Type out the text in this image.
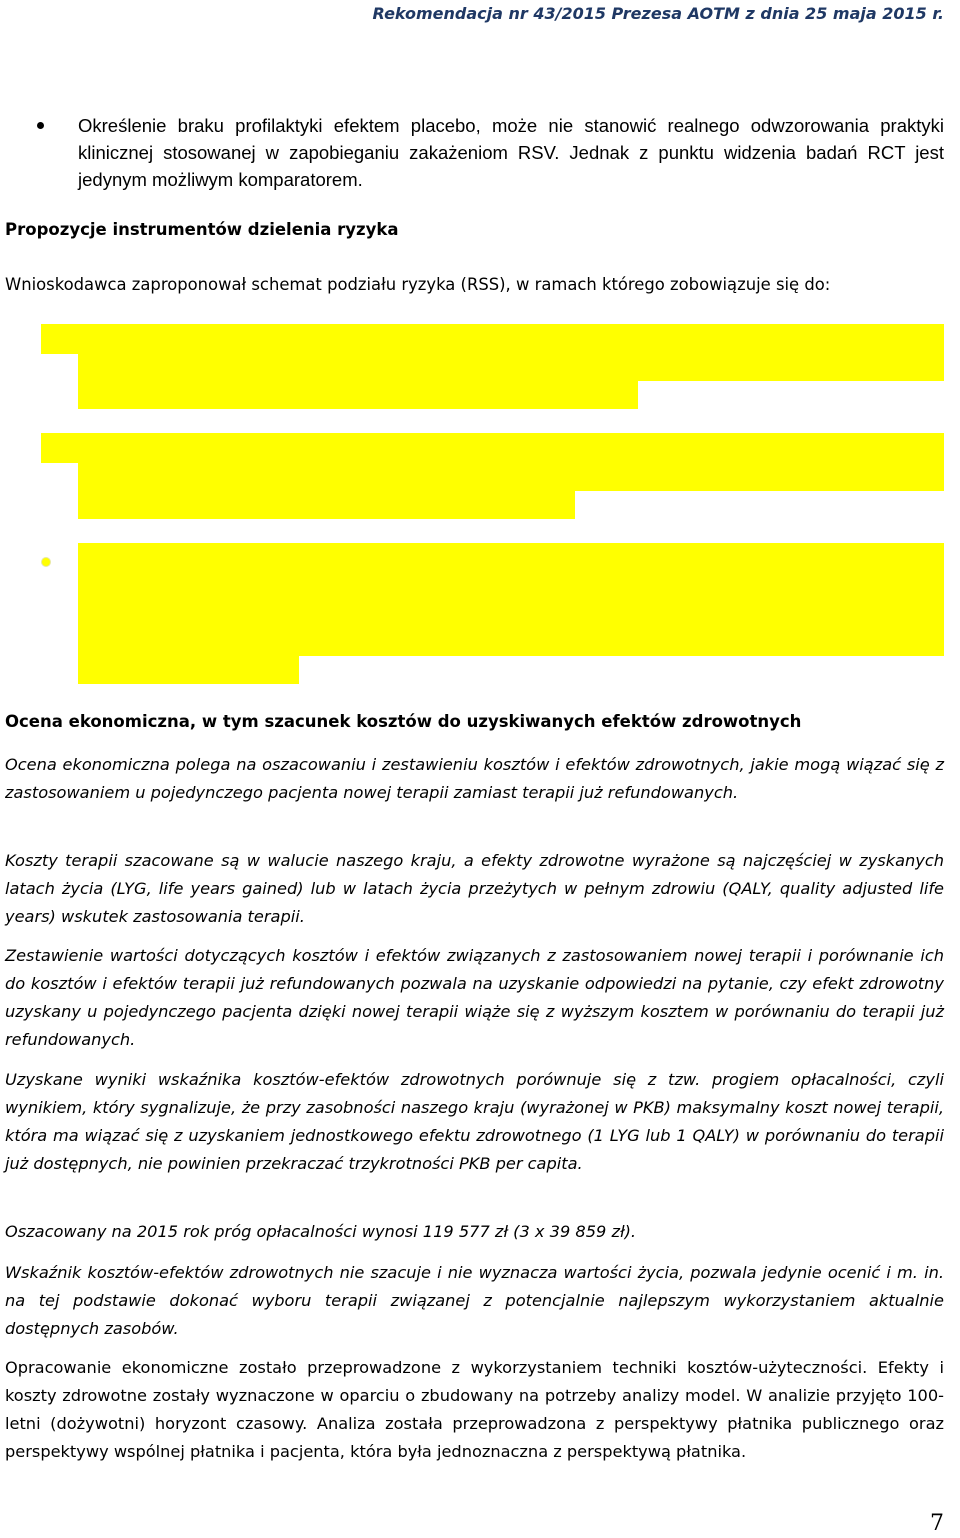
Rekomendacja nr 43/2015 Prezesa AOTM z dnia 25 maja 2015 r.
Określenie braku profilaktyki efektem placebo, może nie stanowić realnego odwzorowania praktyki klinicznej stosowanej w zapobieganiu zakażeniom RSV. Jednak z punktu widzenia badań RCT jest jedynym możliwym komparatorem.
Propozycje instrumentów dzielenia ryzyka
Wnioskodawca zaproponował schemat podziału ryzyka (RSS), w ramach którego zobowiązuje się do:
Ocena ekonomiczna, w tym szacunek kosztów do uzyskiwanych efektów zdrowotnych
Ocena ekonomiczna polega na oszacowaniu i zestawieniu kosztów i efektów zdrowotnych, jakie mogą wiązać się z zastosowaniem u pojedynczego pacjenta nowej terapii zamiast terapii już refundowanych.
Koszty terapii szacowane są w walucie naszego kraju, a efekty zdrowotne wyrażone są najczęściej w zyskanych latach życia (LYG, life years gained) lub w latach życia przeżytych w pełnym zdrowiu (QALY, quality adjusted life years) wskutek zastosowania terapii.
Zestawienie wartości dotyczących kosztów i efektów związanych z zastosowaniem nowej terapii i porównanie ich do kosztów i efektów terapii już refundowanych pozwala na uzyskanie odpowiedzi na pytanie, czy efekt zdrowotny uzyskany u pojedynczego pacjenta dzięki nowej terapii wiąże się z wyższym kosztem w porównaniu do terapii już refundowanych.
Uzyskane wyniki wskaźnika kosztów-efektów zdrowotnych porównuje się z tzw. progiem opłacalności, czyli wynikiem, który sygnalizuje, że przy zasobności naszego kraju (wyrażonej w PKB) maksymalny koszt nowej terapii, która ma wiązać się z uzyskaniem jednostkowego efektu zdrowotnego (1 LYG lub 1 QALY) w porównaniu do terapii już dostępnych, nie powinien przekraczać trzykrotności PKB per capita.
Oszacowany na 2015 rok próg opłacalności wynosi 119 577 zł (3 x 39 859 zł).
Wskaźnik kosztów-efektów zdrowotnych nie szacuje i nie wyznacza wartości życia, pozwala jedynie ocenić i m. in. na tej podstawie dokonać wyboru terapii związanej z potencjalnie najlepszym wykorzystaniem aktualnie dostępnych zasobów.
Opracowanie ekonomiczne zostało przeprowadzone z wykorzystaniem techniki kosztów-użyteczności. Efekty i koszty zdrowotne zostały wyznaczone w oparciu o zbudowany na potrzeby analizy model. W analizie przyjęto 100- letni (dożywotni) horyzont czasowy. Analiza została przeprowadzona z perspektywy płatnika publicznego oraz perspektywy wspólnej płatnika i pacjenta, która była jednoznaczna z perspektywą płatnika.
7
